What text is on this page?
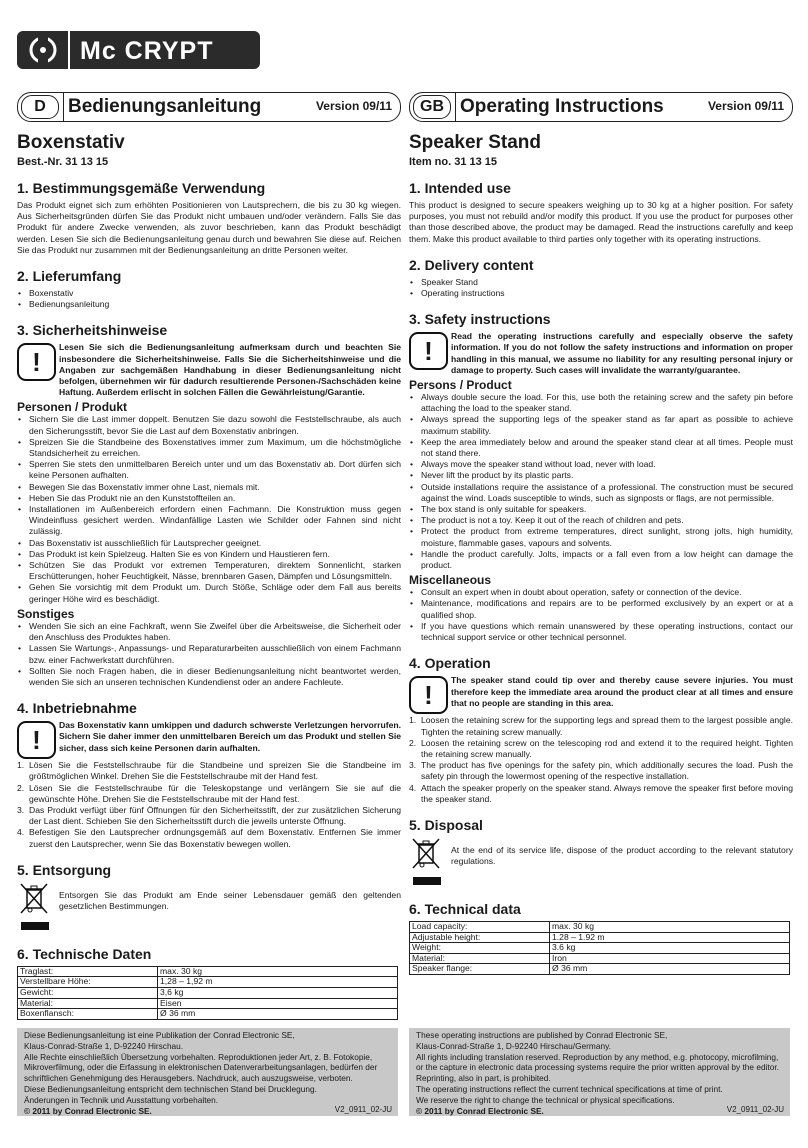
Mc CRYPT
D	Bedienungsanleitung	Version 09/11
Boxenstativ
Best.-Nr. 31 13 15
1. Bestimmungsgemäße Verwendung

Das Produkt eignet sich zum erhöhten Positionieren von Lautsprechern, die bis zu 30 kg wiegen. Aus Sicherheitsgründen dürfen Sie das Produkt nicht umbauen und/oder verändern. Falls Sie das Produkt für andere Zwecke verwenden, als zuvor beschrieben, kann das Produkt beschädigt werden. Lesen Sie sich die Bedienungsanleitung genau durch und bewahren Sie diese auf. Reichen Sie das Produkt nur zusammen mit der Bedienungsanleitung an dritte Personen weiter.

2. Lieferumfang
• Boxenstativ
• Bedienungsanleitung
3. Sicherheitshinweise
!	Lesen Sie sich die Bedienungsanleitung aufmerksam durch und beachten Sie insbesondere die Sicherheitshinweise. Falls Sie die Sicherheitshinweise und die Angaben zur sachgemäßen Handhabung in dieser Bedienungsanleitung nicht befolgen, übernehmen wir für dadurch resultierende Personen-/Sachschäden keine Haftung. Außerdem erlischt in solchen Fällen die Gewährleistung/Garantie.

Personen / Produkt
• Sichern Sie die Last immer doppelt. Benutzen Sie dazu sowohl die Feststellschraube, als auch den Sicherungsstift, bevor Sie die Last auf dem Boxenstativ anbringen.
• Spreizen Sie die Standbeine des Boxenstatives immer zum Maximum, um die höchstmögliche Standsicherheit zu erreichen.
• Sperren Sie stets den unmittelbaren Bereich unter und um das Boxenstativ ab. Dort dürfen sich keine Personen aufhalten.
• Bewegen Sie das Boxenstativ immer ohne Last, niemals mit.
• Heben Sie das Produkt nie an den Kunststoffteilen an.
• Installationen im Außenbereich erfordern einen Fachmann. Die Konstruktion muss gegen Windeinfluss gesichert werden. Windanfällige Lasten wie Schilder oder Fahnen sind nicht zulässig.
• Das Boxenstativ ist ausschließlich für Lautsprecher geeignet.
• Das Produkt ist kein Spielzeug. Halten Sie es von Kindern und Haustieren fern.
• Schützen Sie das Produkt vor extremen Temperaturen, direktem Sonnenlicht, starken Erschütterungen, hoher Feuchtigkeit, Nässe, brennbaren Gasen, Dämpfen und Lösungsmitteln.
• Gehen Sie vorsichtig mit dem Produkt um. Durch Stöße, Schläge oder dem Fall aus bereits geringer Höhe wird es beschädigt.
Sonstiges
• Wenden Sie sich an eine Fachkraft, wenn Sie Zweifel über die Arbeitsweise, die Sicherheit oder den Anschluss des Produktes haben.
• Lassen Sie Wartungs-, Anpassungs- und Reparaturarbeiten ausschließlich von einem Fachmann bzw. einer Fachwerkstatt durchführen.
• Sollten Sie noch Fragen haben, die in dieser Bedienungsanleitung nicht beantwortet werden, wenden Sie sich an unseren technischen Kundendienst oder an andere Fachleute.
4. Inbetriebnahme
!	Das Boxenstativ kann umkippen und dadurch schwerste Verletzungen hervorrufen. Sichern Sie daher immer den unmittelbaren Bereich um das Produkt und stellen Sie sicher, dass sich keine Personen darin aufhalten.

1. Lösen Sie die Feststellschraube für die Standbeine und spreizen Sie die Standbeine im größtmöglichen Winkel. Drehen Sie die Feststellschraube mit der Hand fest.
2. Lösen Sie die Feststellschraube für die Teleskopstange und verlängern Sie sie auf die gewünschte Höhe. Drehen Sie die Feststellschraube mit der Hand fest.
3. Das Produkt verfügt über fünf Öffnungen für den Sicherheitsstift, der zur zusätzlichen Sicherung der Last dient. Schieben Sie den Sicherheitsstift durch die jeweils unterste Öffnung.
4. Befestigen Sie den Lautsprecher ordnungsgemäß auf dem Boxenstativ. Entfernen Sie immer zuerst den Lautsprecher, wenn Sie das Boxenstativ bewegen wollen.
5. Entsorgung

Entsorgen Sie das Produkt am Ende seiner Lebensdauer gemäß den geltenden gesetzlichen Bestimmungen.

6. Technische Daten
Traglast:	max. 30 kg
Verstellbare Höhe:	1,28 – 1,92 m
Gewicht:	3,6 kg
Material:	Eisen
Boxenflansch:	Ø 36 mm
GB Operating Instructions	Version 09/11
Speaker Stand
Item no. 31 13 15
1. Intended use

This product is designed to secure speakers weighing up to 30 kg at a higher position. For safety purposes, you must not rebuild and/or modify this product. If you use the product for purposes other than those described above, the product may be damaged. Read the instructions carefully and keep them. Make this product available to third parties only together with its operating instructions.

2. Delivery content
• Speaker Stand
• Operating instructions
3. Safety instructions
!	Read the operating instructions carefully and especially observe the safety information. If you do not follow the safety instructions and information on proper handling in this manual, we assume no liability for any resulting personal injury or damage to property. Such cases will invalidate the warranty/guarantee.

Persons / Product
• Always double secure the load. For this, use both the retaining screw and the safety pin before attaching the load to the speaker stand.
• Always spread the supporting legs of the speaker stand as far apart as possible to achieve maximum stability.
• Keep the area immediately below and around the speaker stand clear at all times. People must not stand there.
• Always move the speaker stand without load, never with load.
• Never lift the product by its plastic parts.
• Outside installations require the assistance of a professional. The construction must be secured against the wind. Loads susceptible to winds, such as signposts or flags, are not permissible.
• The box stand is only suitable for speakers.
• The product is not a toy. Keep it out of the reach of children and pets.
• Protect the product from extreme temperatures, direct sunlight, strong jolts, high humidity, moisture, flammable gases, vapours and solvents.
• Handle the product carefully. Jolts, impacts or a fall even from a low height can damage the product.
Miscellaneous
• Consult an expert when in doubt about operation, safety or connection of the device.
• Maintenance, modifications and repairs are to be performed exclusively by an expert or at a qualified shop.
• If you have questions which remain unanswered by these operating instructions, contact our technical support service or other technical personnel.
4. Operation
!	The speaker stand could tip over and thereby cause severe injuries. You must therefore keep the immediate area around the product clear at all times and ensure that no people are standing in this area.

1. Loosen the retaining screw for the supporting legs and spread them to the largest possible angle. Tighten the retaining screw manually.
2. Loosen the retaining screw on the telescoping rod and extend it to the required height. Tighten the retaining screw manually.
3. The product has five openings for the safety pin, which additionally secures the load. Push the safety pin through the lowermost opening of the respective installation.
4. Attach the speaker properly on the speaker stand. Always remove the speaker first before moving the speaker stand.
5. Disposal

At the end of its service life, dispose of the product according to the relevant statutory regulations.

6. Technical data
Load capacity:	max. 30 kg
Adjustable height:	1.28 – 1.92 m
Weight:	3.6 kg
Material:	Iron
Speaker flange:	Ø 36 mm

Diese Bedienungsanleitung ist eine Publikation der Conrad Electronic SE,

Klaus-Conrad-Straße 1, D-92240 Hirschau.

Alle Rechte einschließlich Übersetzung vorbehalten. Reproduktionen jeder Art, z. B. Fotokopie,

Mikroverfilmung, oder die Erfassung in elektronischen Datenverarbeitungsanlagen, bedürfen der

schriftlichen Genehmigung des Herausgebers. Nachdruck, auch auszugsweise, verboten.

Diese Bedienungsanleitung entspricht dem technischen Stand bei Drucklegung.

Änderungen in Technik und Ausstattung vorbehalten.

© 2011 by Conrad Electronic SE.	V2_0911_02-JU

These operating instructions are published by Conrad Electronic SE,

Klaus-Conrad-Straße 1, D-92240 Hirschau/Germany.

All rights including translation reserved. Reproduction by any method, e.g. photocopy, microfilming,

or the capture in electronic data processing systems require the prior written approval by the editor.

Reprinting, also in part, is prohibited.

The operating instructions reflect the current technical specifications at time of print.

We reserve the right to change the technical or physical specifications.

© 2011 by Conrad Electronic SE.	V2_0911_02-JU
